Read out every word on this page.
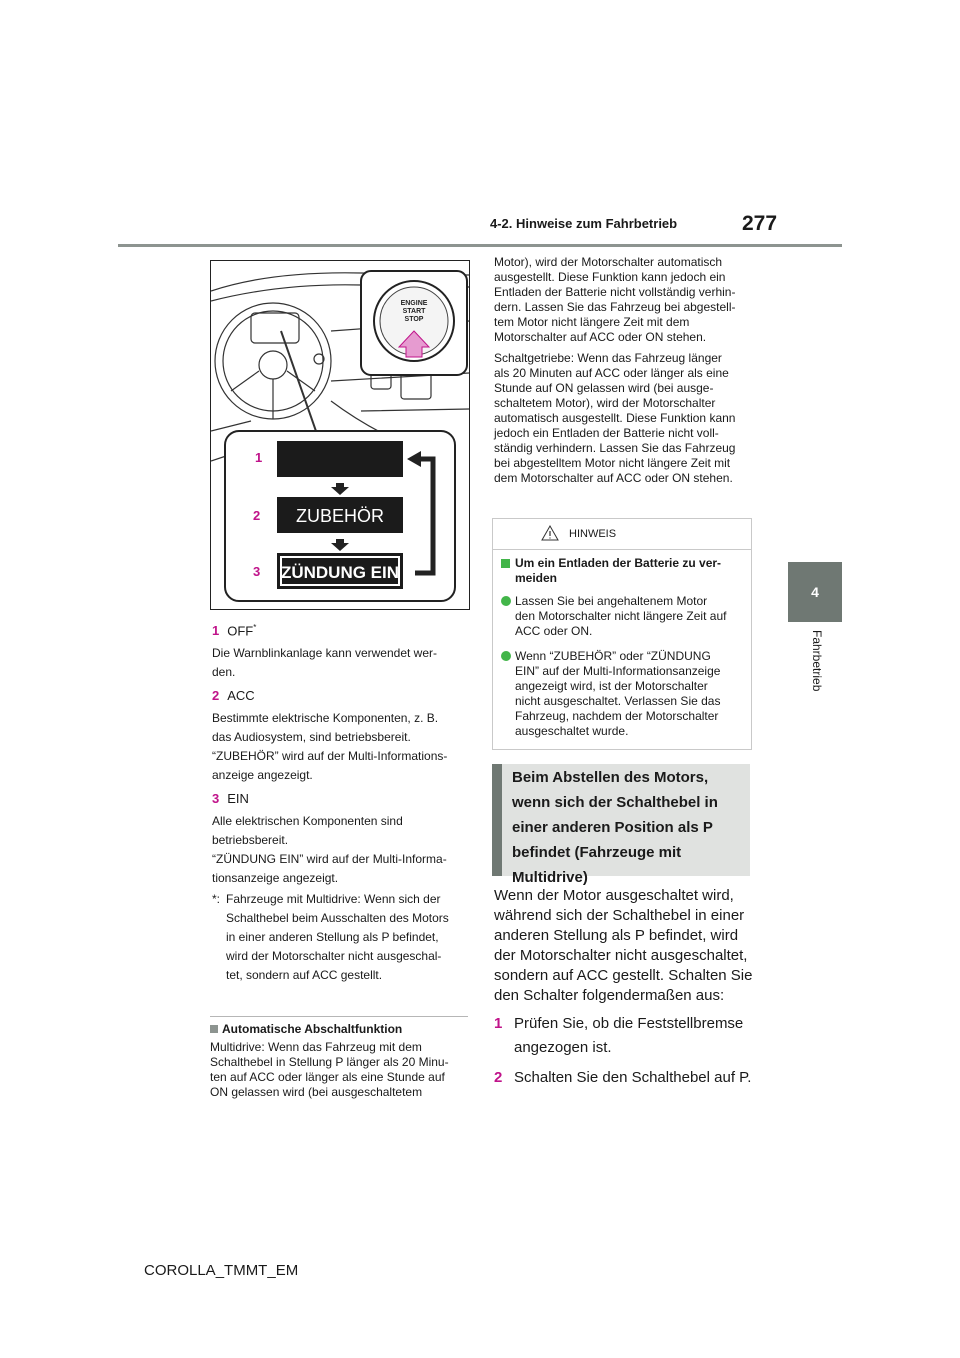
4-2. Hinweise zum Fahrbetrieb	277
4
Fahrbetrieb
ENGINE
START
STOP
1
2
3
ZUBEHÖR
ZÜNDUNG EIN
1 OFF*
Die Warnblinkanlage kann verwendet wer-
den.
2 ACC
Bestimmte elektrische Komponenten, z. B.
das Audiosystem, sind betriebsbereit.
“ZUBEHÖR” wird auf der Multi-Informations-
anzeige angezeigt.
3 EIN
Alle elektrischen Komponenten sind
betriebsbereit.
“ZÜNDUNG EIN” wird auf der Multi-Informa-
tionsanzeige angezeigt.
*: Fahrzeuge mit Multidrive: Wenn sich der
Schalthebel beim Ausschalten des Motors
in einer anderen Stellung als P befindet,
wird der Motorschalter nicht ausgeschal-
tet, sondern auf ACC gestellt.
Automatische Abschaltfunktion
Multidrive: Wenn das Fahrzeug mit dem
Schalthebel in Stellung P länger als 20 Minu-
ten auf ACC oder länger als eine Stunde auf
ON gelassen wird (bei ausgeschaltetem
Motor), wird der Motorschalter automatisch
ausgestellt. Diese Funktion kann jedoch ein
Entladen der Batterie nicht vollständig verhin-
dern. Lassen Sie das Fahrzeug bei abgestell-
tem Motor nicht längere Zeit mit dem
Motorschalter auf ACC oder ON stehen.
Schaltgetriebe: Wenn das Fahrzeug länger
als 20 Minuten auf ACC oder länger als eine
Stunde auf ON gelassen wird (bei ausge-
schaltetem Motor), wird der Motorschalter
automatisch ausgestellt. Diese Funktion kann
jedoch ein Entladen der Batterie nicht voll-
ständig verhindern. Lassen Sie das Fahrzeug
bei abgestelltem Motor nicht längere Zeit mit
dem Motorschalter auf ACC oder ON stehen.
HINWEIS
Um ein Entladen der Batterie zu ver-
meiden
Lassen Sie bei angehaltenem Motor
den Motorschalter nicht längere Zeit auf
ACC oder ON.
Wenn “ZUBEHÖR” oder “ZÜNDUNG
EIN” auf der Multi-Informationsanzeige
angezeigt wird, ist der Motorschalter
nicht ausgeschaltet. Verlassen Sie das
Fahrzeug, nachdem der Motorschalter
ausgeschaltet wurde.
Beim Abstellen des Motors,
wenn sich der Schalthebel in
einer anderen Position als P
befindet (Fahrzeuge mit
Multidrive)
Wenn der Motor ausgeschaltet wird,
während sich der Schalthebel in einer
anderen Stellung als P befindet, wird
der Motorschalter nicht ausgeschaltet,
sondern auf ACC gestellt. Schalten Sie
den Schalter folgendermaßen aus:
1 Prüfen Sie, ob die Feststellbremse
angezogen ist.
2 Schalten Sie den Schalthebel auf P.
COROLLA_TMMT_EM
